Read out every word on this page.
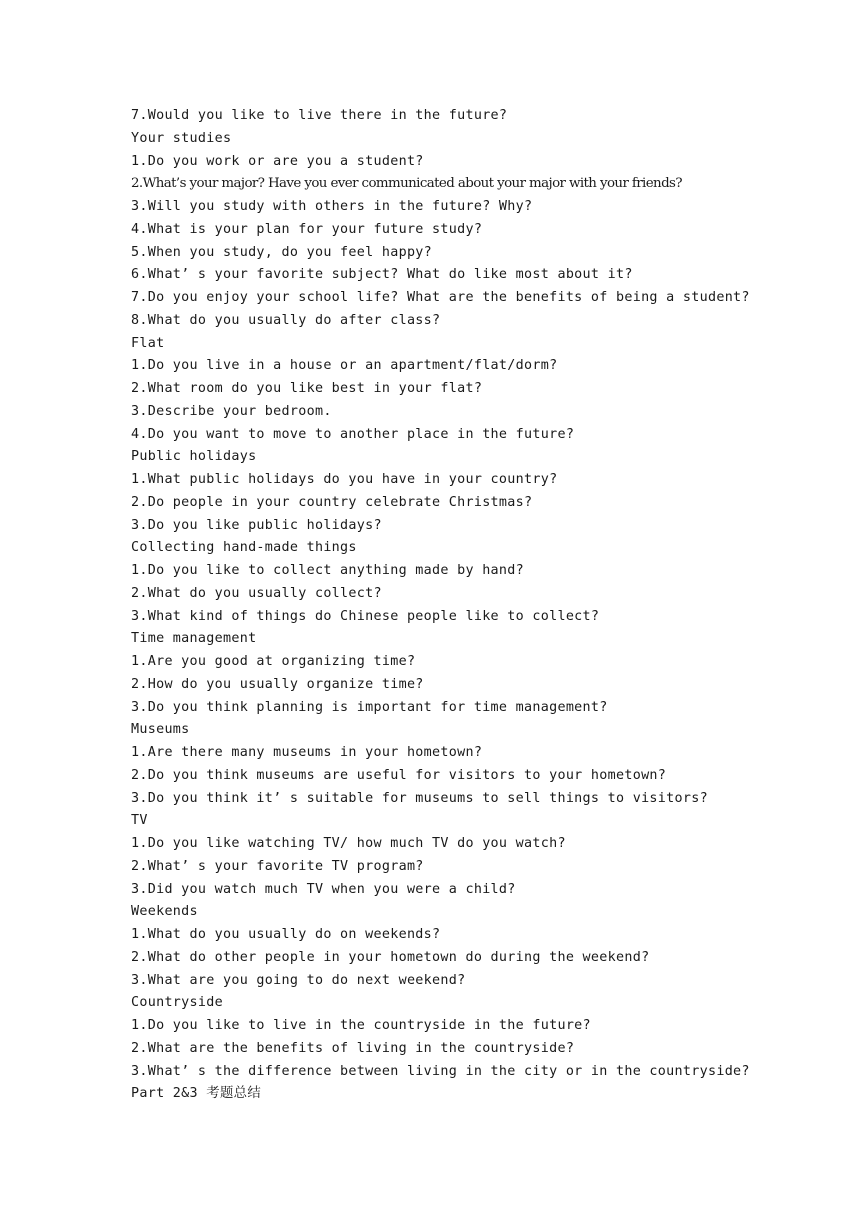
7.Would you like to live there in the future?
Your studies
1.Do you work or are you a student?
2.What’s your major? Have you ever communicated about your major with your friends?
3.Will you study with others in the future? Why?
4.What is your plan for your future study?
5.When you study, do you feel happy?
6.What’ s your favorite subject? What do like most about it?
7.Do you enjoy your school life? What are the benefits of being a student?
8.What do you usually do after class?
Flat
1.Do you live in a house or an apartment/flat/dorm?
2.What room do you like best in your flat?
3.Describe your bedroom.
4.Do you want to move to another place in the future?
Public holidays
1.What public holidays do you have in your country?
2.Do people in your country celebrate Christmas?
3.Do you like public holidays?
Collecting hand-made things
1.Do you like to collect anything made by hand?
2.What do you usually collect?
3.What kind of things do Chinese people like to collect?
Time management
1.Are you good at organizing time?
2.How do you usually organize time?
3.Do you think planning is important for time management?
Museums
1.Are there many museums in your hometown?
2.Do you think museums are useful for visitors to your hometown?
3.Do you think it’ s suitable for museums to sell things to visitors?
TV
1.Do you like watching TV/ how much TV do you watch?
2.What’ s your favorite TV program?
3.Did you watch much TV when you were a child?
Weekends
1.What do you usually do on weekends?
2.What do other people in your hometown do during the weekend?
3.What are you going to do next weekend?
Countryside
1.Do you like to live in the countryside in the future?
2.What are the benefits of living in the countryside?
3.What’ s the difference between living in the city or in the countryside?
Part 2&3 考题总结
